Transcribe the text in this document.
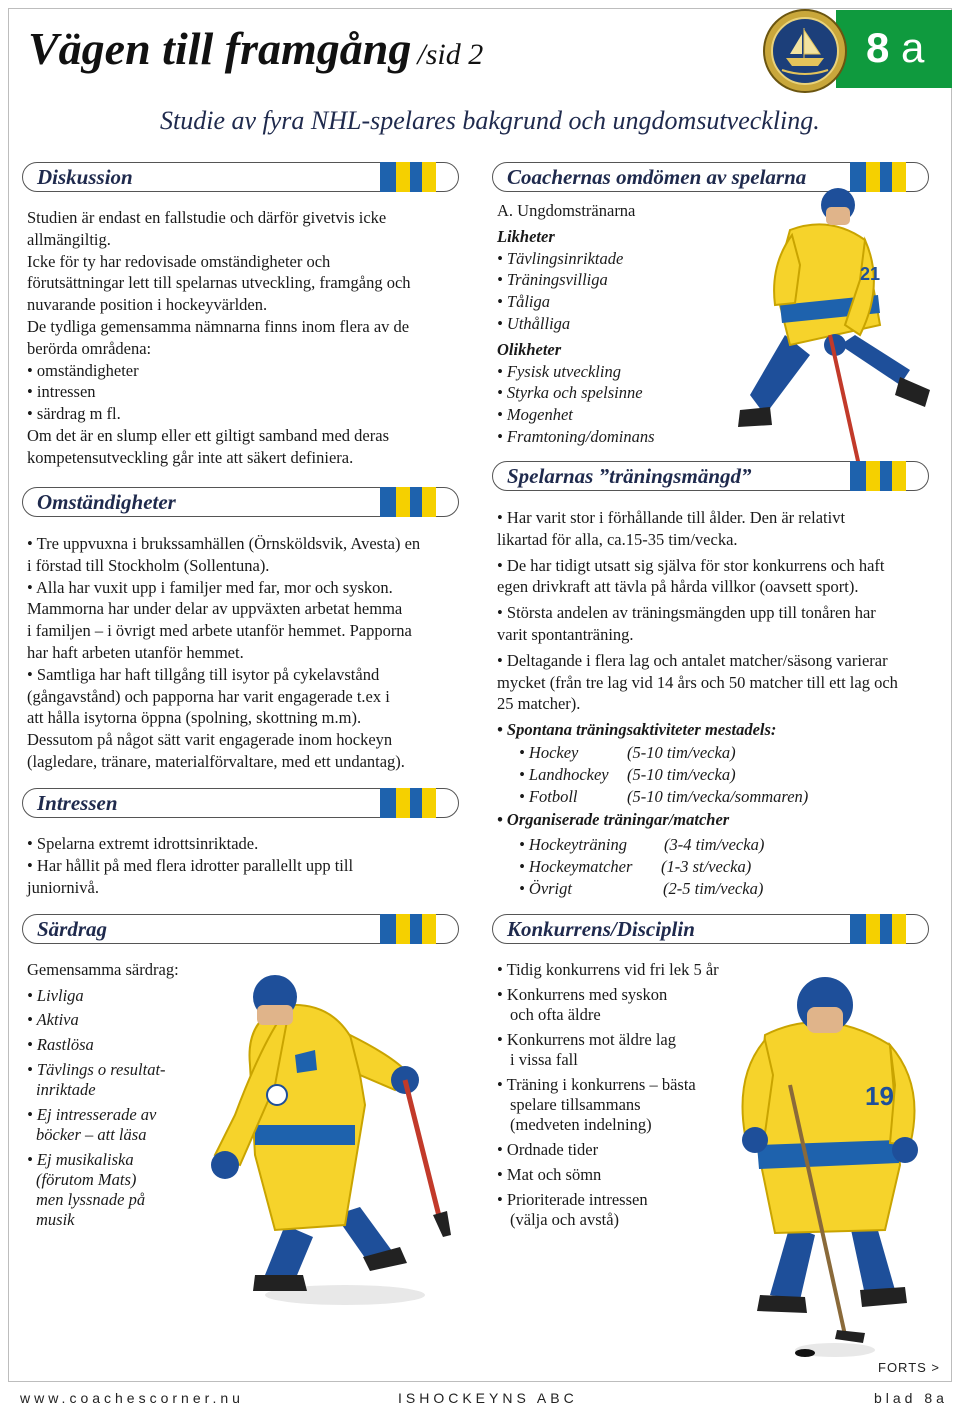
Vägen till framgång /sid 2	8 a
Studie av fyra NHL-spelares bakgrund och ungdomsutveckling.
Diskussion

Studien är endast en fallstudie och därför givetvis icke

allmängiltig.

Icke för ty har redovisade omständigheter och

förutsättningar lett till spelarnas utveckling, framgång och

nuvarande position i hockeyvärlden.

De tydliga gemensamma nämnarna finns inom flera av de

berörda områdena:

• omständigheter

• intressen

• särdrag m fl.

Om det är en slump eller ett giltigt samband med deras

kompetensutveckling går inte att säkert definiera.

Omständigheter

• Tre uppvuxna i brukssamhällen (Örnsköldsvik, Avesta) en

i förstad till Stockholm (Sollentuna).

• Alla har vuxit upp i familjer med far, mor och syskon.

Mammorna har under delar av uppväxten arbetat hemma

i familjen – i övrigt med arbete utanför hemmet. Papporna

har haft arbeten utanför hemmet.

• Samtliga har haft tillgång till isytor på cykelavstånd

(gångavstånd) och papporna har varit engagerade t.ex i

att hålla isytorna öppna (spolning, skottning m.m).

Dessutom på något sätt varit engagerade inom hockeyn

(lagledare, tränare, materialförvaltare, med ett undantag).

Intressen

• Spelarna extremt idrottsinriktade.

• Har hållit på med flera idrotter parallellt upp till

juniornivå.

Särdrag
Gemensamma särdrag:

• Livliga

• Aktiva

• Rastlösa

• Tävlings o resultat-

inriktade

• Ej intresserade av

böcker – att läsa

• Ej musikaliska

(förutom Mats)

men lyssnade på

musik

Coachernas omdömen av spelarna

A. Ungdomstränarna

Likheter

• Tävlingsinriktade

• Träningsvilliga

• Tåliga

• Uthålliga

Olikheter

• Fysisk utveckling

• Styrka och spelsinne

• Mogenhet

• Framtoning/dominans

21
Spelarnas ”träningsmängd”

• Har varit stor i förhållande till ålder. Den är relativt

likartad för alla, ca.15-35 tim/vecka.

• De har tidigt utsatt sig själva för stor konkurrens och haft

egen drivkraft att tävla på hårda villkor (oavsett sport).

• Största andelen av träningsmängden upp till tonåren har

varit spontanträning.

• Deltagande i flera lag och antalet matcher/säsong varierar

mycket (från tre lag vid 14 års och 50 matcher till ett lag och

25 matcher).

• Spontana träningsaktiviteter mestadels:

• Hockey	(5-10 tim/vecka)

• Landhockey (5-10 tim/vecka)

• Fotboll	(5-10 tim/vecka/sommaren)

• Organiserade träningar/matcher

• Hockeyträning (3-4 tim/vecka)

• Hockeymatcher (1-3 st/vecka)

• Övrigt	(2-5 tim/vecka)

Konkurrens/Disciplin

• Tidig konkurrens vid fri lek 5 år

• Konkurrens med syskon

och ofta äldre

• Konkurrens mot äldre lag

i vissa fall

• Träning i konkurrens – bästa

spelare tillsammans

(medveten indelning)

• Ordnade tider

• Mat och sömn

• Prioriterade intressen

(välja och avstå)

19
FORTS >
www.coachescorner.nu	ISHOCKEYNS ABC	blad 8a
